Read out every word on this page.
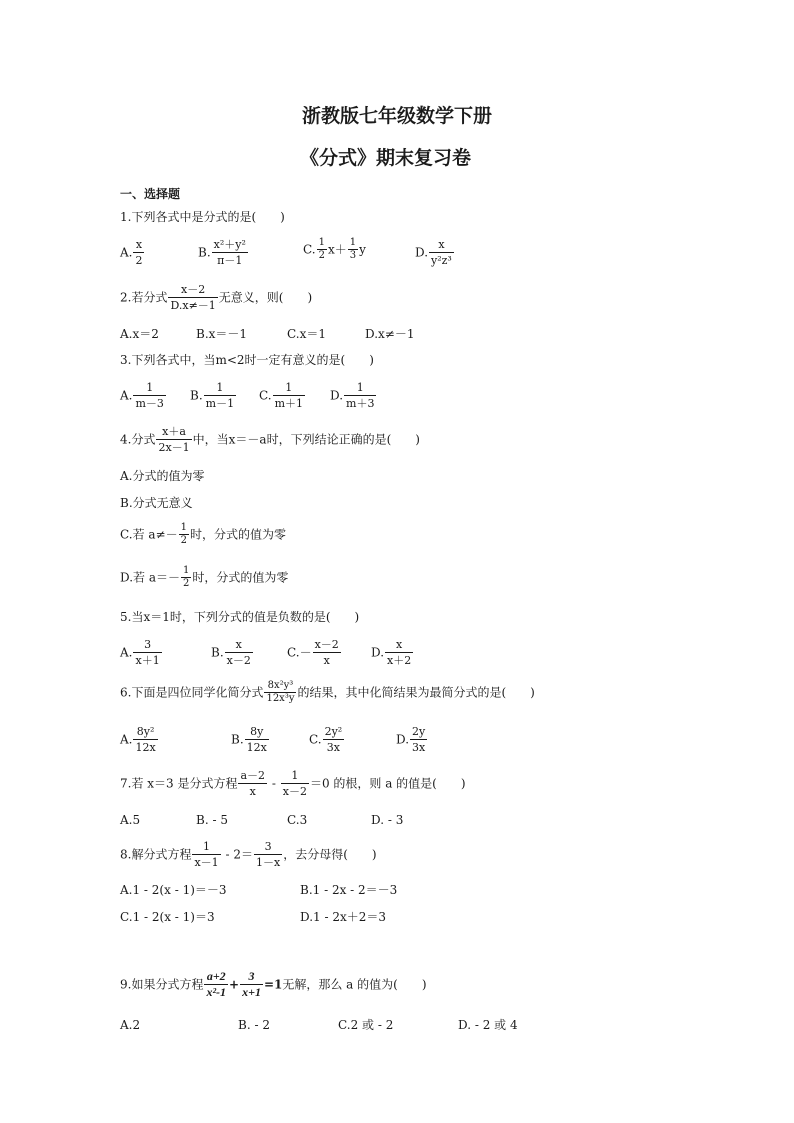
浙教版七年级数学下册
《分式》期末复习卷
一、选择题
1.下列各式中是分式的是(　　)
A. $\frac{x}{2}$	B. $\frac{\text{x²＋y²}}{\pi-1}$	C. $\frac{1}{2} x+ \frac{1}{3}$ y	D. $\frac{x}{\text{y²z³}}$
2.若分式 $\frac{x-2}{D.x\ne-1}$ 无意义，则(　　)
A.x＝2	B.x＝－1	C.x＝1	D.x≠－1
3.下列各式中，当m<2时一定有意义的是(　　)
A. $\frac{1}{m-3} B$. $\frac{1}{m-1} C$. $\frac{1}{m+1} D$. $\frac{1}{m+3}$
4.分式 $\frac{x+a}{2x-1}$ 中，当x＝－a时，下列结论正确的是(　　)
A.分式的值为零
B.分式无意义
C.若 $a\ne- \frac{1}{2}$ 时，分式的值为零
D.若 $a=- \frac{1}{2}$ 时，分式的值为零
5.当x＝1时，下列分式的值是负数的是(　　)
A. $\frac{3}{x+1}$	B. $\frac{x}{x-2}$	$C.- \frac{x-2}{x}$	D. $\frac{x}{x+2}$
6.下面是四位同学化简分式 $\frac{\text{8x²y³}}{\text{12x³y}}$ 的结果，其中化简结果为最简分式的是(　　)
A. $\frac{\text{8y²}}{12x}$	B. $\frac{8y}{12x}$	C. $\frac{\text{2y²}}{3x}$	D. $\frac{2y}{3x}$
7.若 x＝3 是分式方程 $\frac{a-2}{x} - \frac{1}{x-2} =0$ 的根，则 a 的值是(　　)
A.5	B. - 5	C.3	D. - 3
8.解分式方程 $\frac{1}{x-1} - 2= \frac{3}{1-x}$ ，去分母得(　　)
A.1 - 2(x - 1)＝－3	B.1 - 2x - 2＝－3
C.1 - 2(x - 1)＝3	D.1 - 2x＋2＝3
9.如果分式方程 $\frac{a+2}{\text{x²-1}} + \frac{3}{x+1} =1$无解，那么 a 的值为(　　)
A.2	B. - 2	C.2 或 - 2	D. - 2 或 4
